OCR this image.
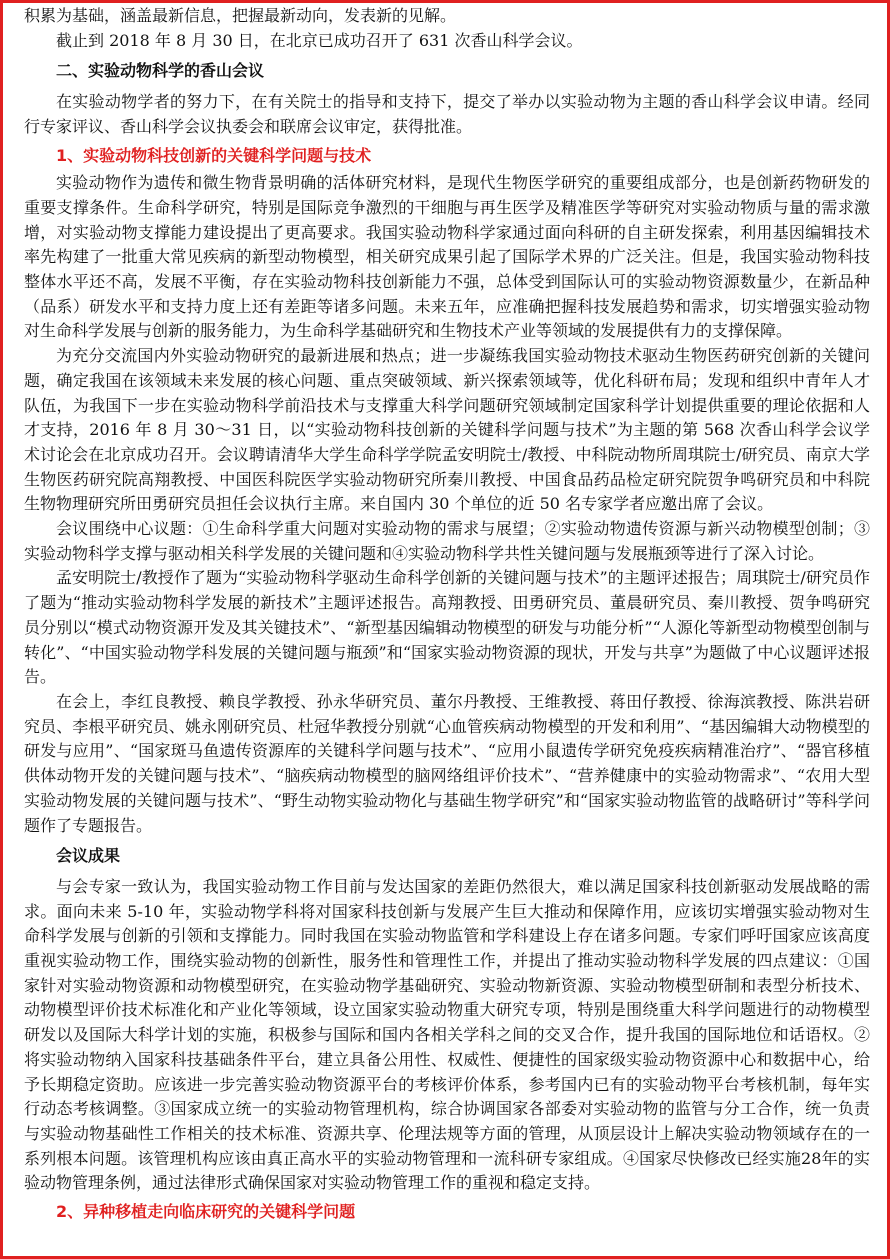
积累为基础，涵盖最新信息，把握最新动向，发表新的见解。

截止到 2018 年 8 月 30 日，在北京已成功召开了 631 次香山科学会议。

二、实验动物科学的香山会议

在实验动物学者的努力下，在有关院士的指导和支持下，提交了举办以实验动物为主题的香山科学会议申请。经同行专家评议、香山科学会议执委会和联席会议审定，获得批准。

1、实验动物科技创新的关键科学问题与技术

实验动物作为遗传和微生物背景明确的活体研究材料，是现代生物医学研究的重要组成部分，也是创新药物研发的重要支撑条件。生命科学研究，特别是国际竞争激烈的干细胞与再生医学及精准医学等研究对实验动物质与量的需求激增，对实验动物支撑能力建设提出了更高要求。我国实验动物科学家通过面向科研的自主研发探索，利用基因编辑技术率先构建了一批重大常见疾病的新型动物模型，相关研究成果引起了国际学术界的广泛关注。但是，我国实验动物科技整体水平还不高，发展不平衡，存在实验动物科技创新能力不强，总体受到国际认可的实验动物资源数量少，在新品种（品系）研发水平和支持力度上还有差距等诸多问题。未来五年，应准确把握科技发展趋势和需求，切实增强实验动物对生命科学发展与创新的服务能力，为生命科学基础研究和生物技术产业等领域的发展提供有力的支撑保障。

为充分交流国内外实验动物研究的最新进展和热点；进一步凝练我国实验动物技术驱动生物医药研究创新的关键问题，确定我国在该领域未来发展的核心问题、重点突破领域、新兴探索领域等，优化科研布局；发现和组织中青年人才队伍，为我国下一步在实验动物科学前沿技术与支撑重大科学问题研究领域制定国家科学计划提供重要的理论依据和人才支持，2016 年 8 月 30～31 日，以“实验动物科技创新的关键科学问题与技术”为主题的第 568 次香山科学会议学术讨论会在北京成功召开。会议聘请清华大学生命科学学院孟安明院士/教授、中科院动物所周琪院士/研究员、南京大学生物医药研究院高翔教授、中国医科院医学实验动物研究所秦川教授、中国食品药品检定研究院贺争鸣研究员和中科院生物物理研究所田勇研究员担任会议执行主席。来自国内 30 个单位的近 50 名专家学者应邀出席了会议。

会议围绕中心议题：①生命科学重大问题对实验动物的需求与展望；②实验动物遗传资源与新兴动物模型创制；③实验动物科学支撑与驱动相关科学发展的关键问题和④实验动物科学共性关键问题与发展瓶颈等进行了深入讨论。

孟安明院士/教授作了题为“实验动物科学驱动生命科学创新的关键问题与技术”的主题评述报告；周琪院士/研究员作了题为“推动实验动物科学发展的新技术”主题评述报告。高翔教授、田勇研究员、董晨研究员、秦川教授、贺争鸣研究员分别以“模式动物资源开发及其关键技术”、“新型基因编辑动物模型的研发与功能分析”“人源化等新型动物模型创制与转化”、“中国实验动物学科发展的关键问题与瓶颈”和“国家实验动物资源的现状，开发与共享”为题做了中心议题评述报告。

在会上，李红良教授、赖良学教授、孙永华研究员、董尔丹教授、王维教授、蒋田仔教授、徐海滨教授、陈洪岩研究员、李根平研究员、姚永刚研究员、杜冠华教授分别就“心血管疾病动物模型的开发和利用”、“基因编辑大动物模型的研发与应用”、“国家斑马鱼遗传资源库的关键科学问题与技术”、“应用小鼠遗传学研究免疫疾病精准治疗”、“器官移植供体动物开发的关键问题与技术”、“脑疾病动物模型的脑网络组评价技术”、“营养健康中的实验动物需求”、“农用大型实验动物发展的关键问题与技术”、“野生动物实验动物化与基础生物学研究”和“国家实验动物监管的战略研讨”等科学问题作了专题报告。

会议成果

与会专家一致认为，我国实验动物工作目前与发达国家的差距仍然很大，难以满足国家科技创新驱动发展战略的需求。面向未来 5-10 年，实验动物学科将对国家科技创新与发展产生巨大推动和保障作用，应该切实增强实验动物对生命科学发展与创新的引领和支撑能力。同时我国在实验动物监管和学科建设上存在诸多问题。专家们呼吁国家应该高度重视实验动物工作，围绕实验动物的创新性，服务性和管理性工作，并提出了推动实验动物科学发展的四点建议：①国家针对实验动物资源和动物模型研究，在实验动物学基础研究、实验动物新资源、实验动物模型研制和表型分析技术、动物模型评价技术标准化和产业化等领域，设立国家实验动物重大研究专项，特别是围绕重大科学问题进行的动物模型研发以及国际大科学计划的实施，积极参与国际和国内各相关学科之间的交叉合作，提升我国的国际地位和话语权。②将实验动物纳入国家科技基础条件平台，建立具备公用性、权威性、便捷性的国家级实验动物资源中心和数据中心，给予长期稳定资助。应该进一步完善实验动物资源平台的考核评价体系，参考国内已有的实验动物平台考核机制，每年实行动态考核调整。③国家成立统一的实验动物管理机构，综合协调国家各部委对实验动物的监管与分工合作，统一负责与实验动物基础性工作相关的技术标准、资源共享、伦理法规等方面的管理，从顶层设计上解决实验动物领域存在的一系列根本问题。该管理机构应该由真正高水平的实验动物管理和一流科研专家组成。④国家尽快修改已经实施28年的实验动物管理条例，通过法律形式确保国家对实验动物管理工作的重视和稳定支持。

2、异种移植走向临床研究的关键科学问题
